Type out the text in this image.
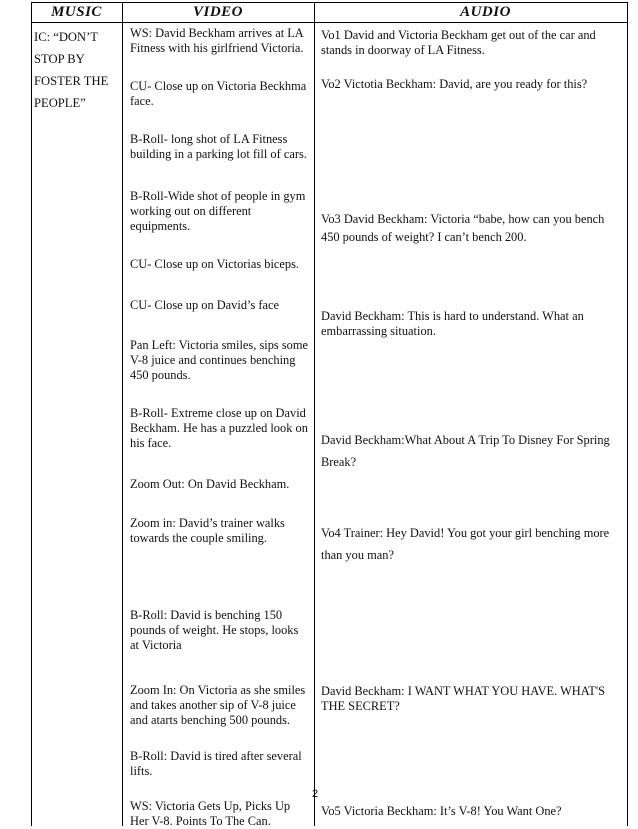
MUSIC	VIDEO	AUDIO
IC: “DON’T STOP BY FOSTER THE PEOPLE”
WS: David Beckham arrives at LA Fitness with his girlfriend Victoria.
CU- Close up on Victoria Beckhma face.
B-Roll- long shot of LA Fitness building in a parking lot fill of cars.
B-Roll-Wide shot of people in gym working out on different equipments.
CU- Close up on Victorias biceps.
CU- Close up on David’s face
Pan Left: Victoria smiles, sips some V-8 juice and continues benching 450 pounds.
B-Roll- Extreme close up on David Beckham. He has a puzzled look on his face.
Zoom Out: On David Beckham.
Zoom in: David’s trainer walks towards the couple smiling.
B-Roll: David is benching 150 pounds of weight. He stops, looks at Victoria
Zoom In: On Victoria as she smiles and takes another sip of V-8 juice and atarts benching 500 pounds.
B-Roll: David is tired after several lifts.
WS: Victoria Gets Up, Picks Up Her V-8. Points To The Can.
Vo1 David and Victoria Beckham get out of the car and stands in doorway of LA Fitness.
Vo2 Victotia Beckham: David, are you ready for this?
Vo3 David Beckham: Victoria “babe, how can you bench 450 pounds of weight? I can’t bench 200.
David Beckham: This is hard to understand. What an embarrassing situation.
David Beckham:What About A Trip To Disney For Spring Break?
Vo4 Trainer: Hey David! You got your girl benching more than you man?
David Beckham: I WANT WHAT YOU HAVE. WHAT'S THE SECRET?
Vo5 Victoria Beckham: It’s V-8! You Want One?
2
